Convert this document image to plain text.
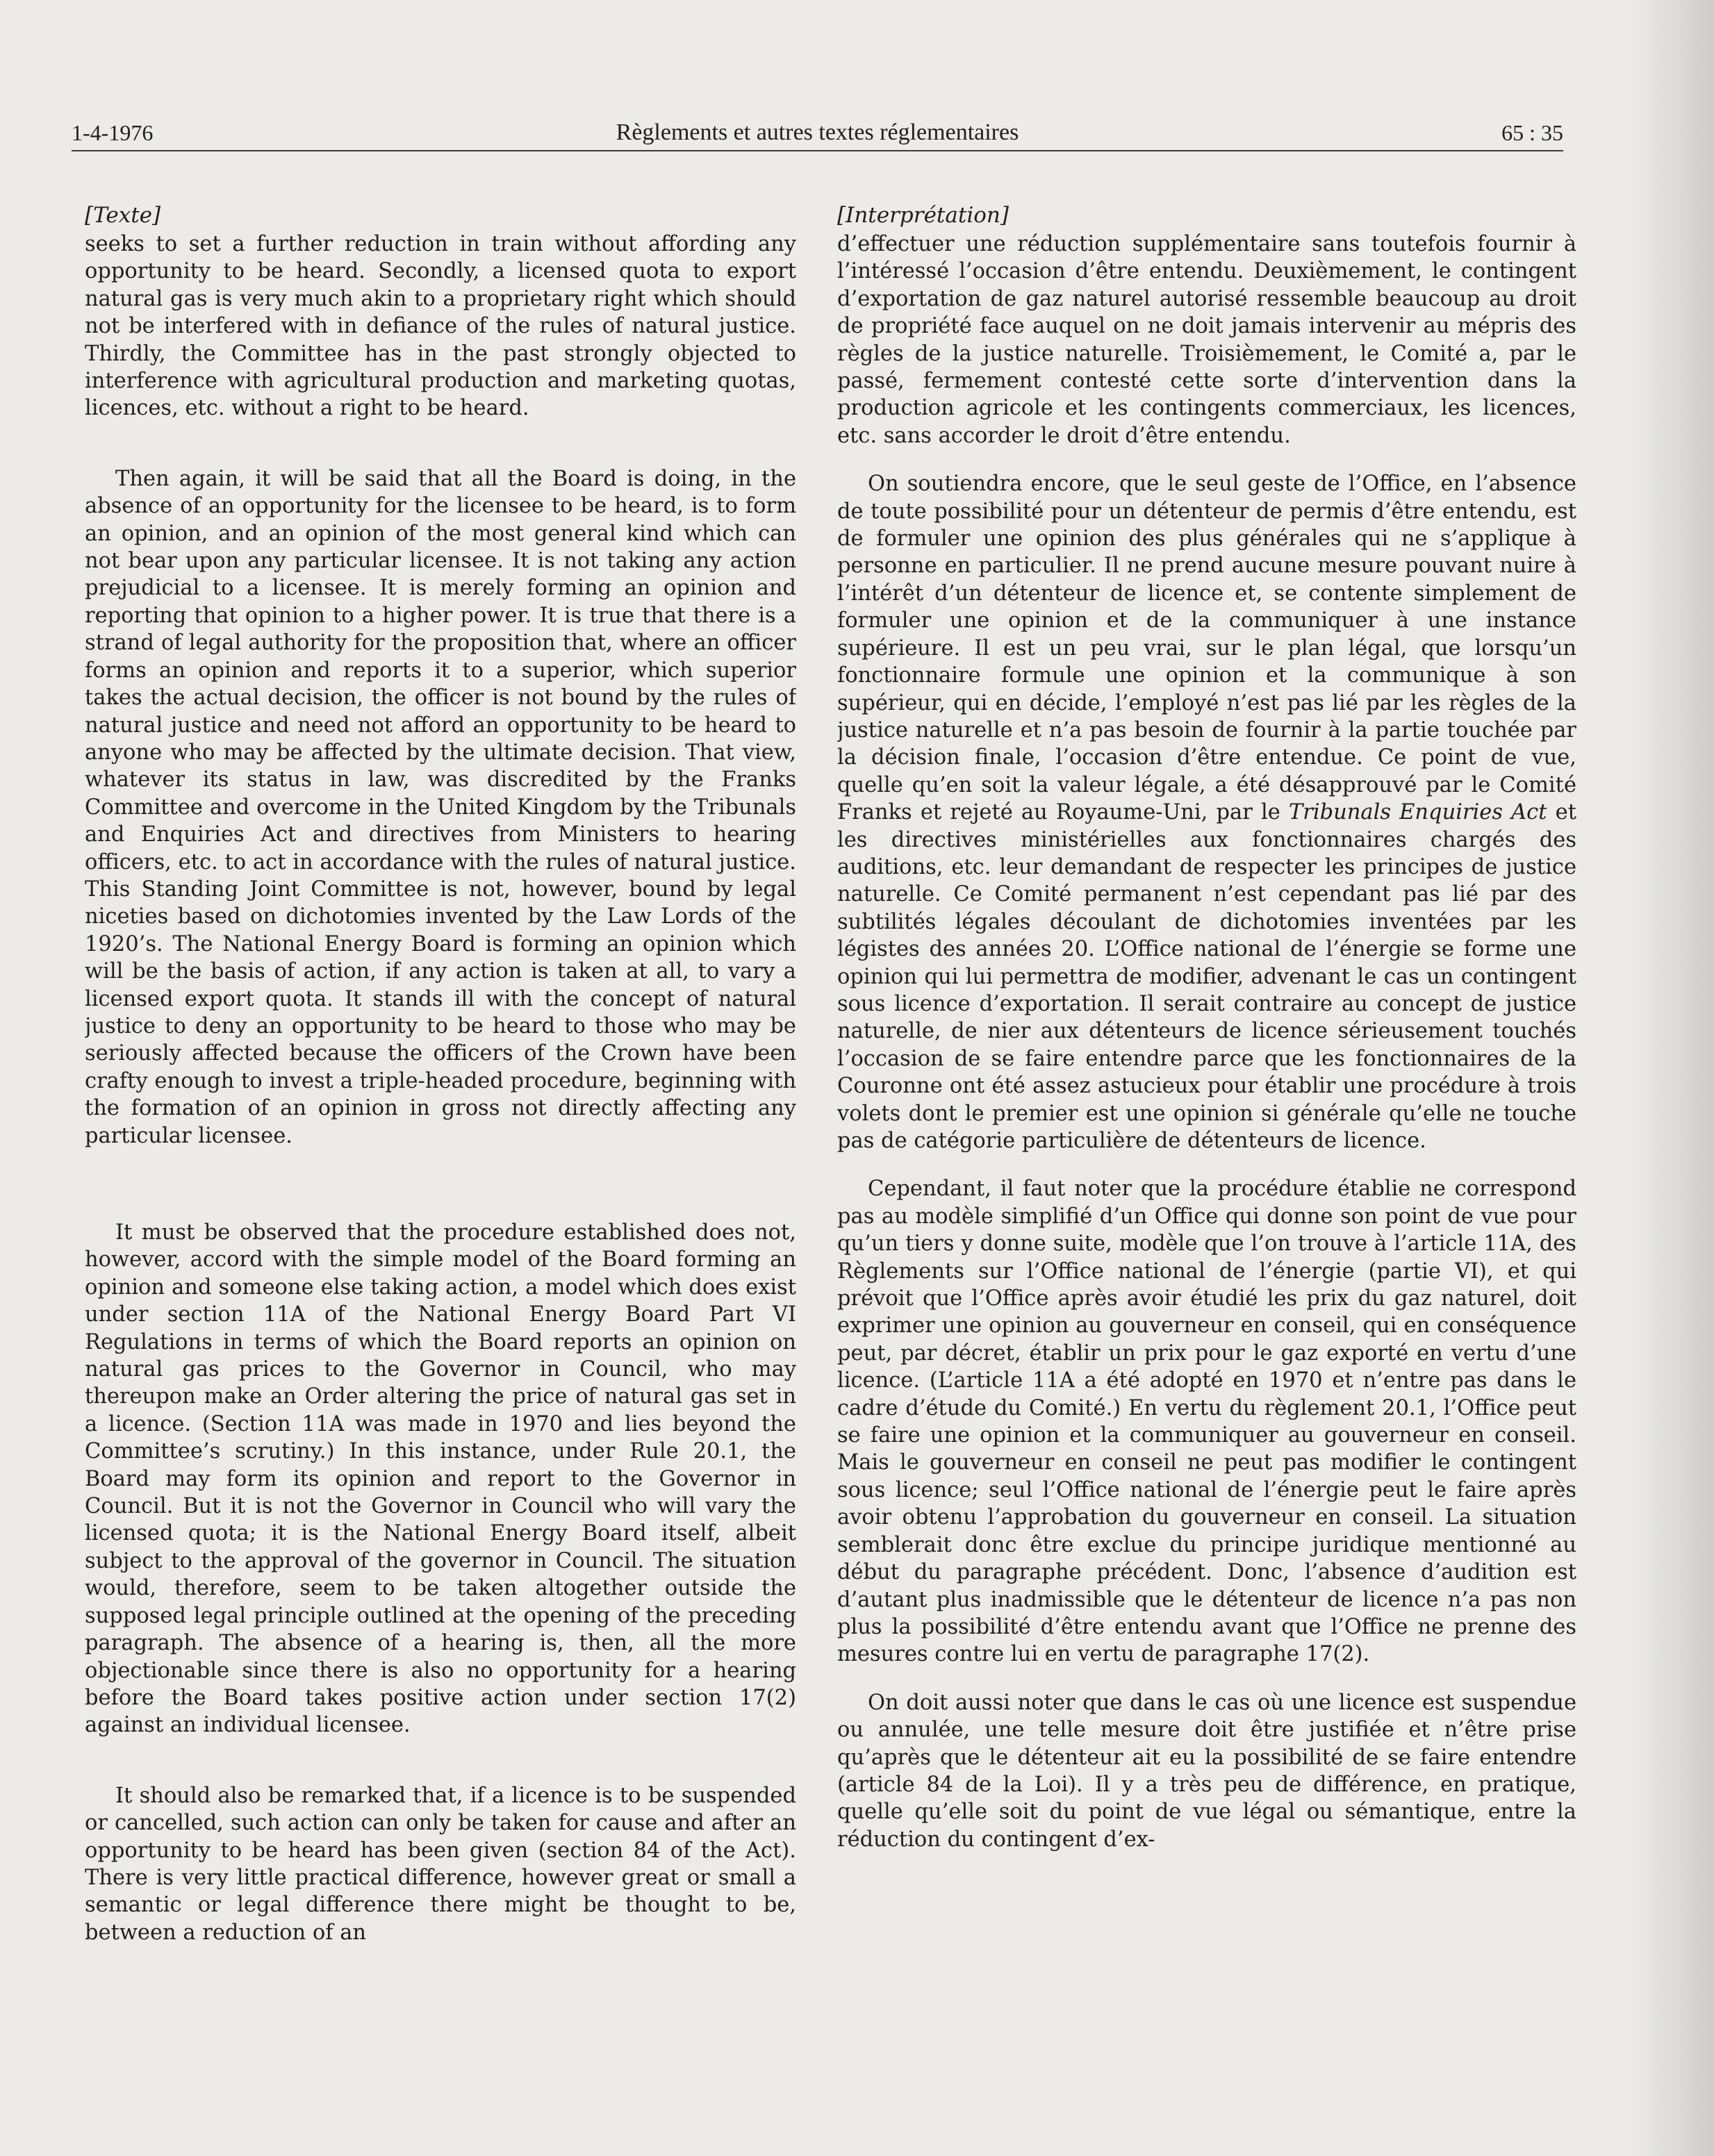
1-4-1976	Règlements et autres textes réglementaires	65 : 35

[Texte]

seeks to set a further reduction in train without affording any opportunity to be heard. Secondly, a licensed quota to export natural gas is very much akin to a proprietary right which should not be interfered with in defiance of the rules of natural justice. Thirdly, the Committee has in the past strongly objected to interference with agricultural production and marketing quotas, licences, etc. without a right to be heard.

Then again, it will be said that all the Board is doing, in the absence of an opportunity for the licensee to be heard, is to form an opinion, and an opinion of the most general kind which can not bear upon any particular licensee. It is not taking any action prejudicial to a licensee. It is merely forming an opinion and reporting that opinion to a higher power. It is true that there is a strand of legal authority for the proposition that, where an officer forms an opinion and reports it to a superior, which superior takes the actual decision, the officer is not bound by the rules of natural justice and need not afford an opportunity to be heard to anyone who may be affected by the ultimate decision. That view, whatever its status in law, was discredited by the Franks Committee and overcome in the United Kingdom by the Tribunals and Enquiries Act and directives from Ministers to hearing officers, etc. to act in accordance with the rules of natural justice. This Standing Joint Committee is not, however, bound by legal niceties based on dichotomies invented by the Law Lords of the 1920’s. The National Energy Board is forming an opinion which will be the basis of action, if any action is taken at all, to vary a licensed export quota. It stands ill with the concept of natural justice to deny an opportunity to be heard to those who may be seriously affected because the officers of the Crown have been crafty enough to invest a triple-headed procedure, beginning with the formation of an opinion in gross not directly affecting any particular licensee.

It must be observed that the procedure established does not, however, accord with the simple model of the Board forming an opinion and someone else taking action, a model which does exist under section 11A of the National Energy Board Part VI Regulations in terms of which the Board reports an opinion on natural gas prices to the Governor in Council, who may thereupon make an Order altering the price of natural gas set in a licence. (Section 11A was made in 1970 and lies beyond the Committee’s scrutiny.) In this instance, under Rule 20.1, the Board may form its opinion and report to the Governor in Council. But it is not the Governor in Council who will vary the licensed quota; it is the National Energy Board itself, albeit subject to the approval of the governor in Council. The situation would, therefore, seem to be taken altogether outside the supposed legal principle outlined at the opening of the preceding paragraph. The absence of a hearing is, then, all the more objectionable since there is also no opportunity for a hearing before the Board takes positive action under section 17(2) against an individual licensee.

It should also be remarked that, if a licence is to be suspended or cancelled, such action can only be taken for cause and after an opportunity to be heard has been given (section 84 of the Act). There is very little practical difference, however great or small a semantic or legal difference there might be thought to be, between a reduction of an

[Interprétation]

d’effectuer une réduction supplémentaire sans toutefois fournir à l’intéressé l’occasion d’être entendu. Deuxièmement, le contingent d’exportation de gaz naturel autorisé ressemble beaucoup au droit de propriété face auquel on ne doit jamais intervenir au mépris des règles de la justice naturelle. Troisièmement, le Comité a, par le passé, fermement contesté cette sorte d’intervention dans la production agricole et les contingents commerciaux, les licences, etc. sans accorder le droit d’être entendu.

On soutiendra encore, que le seul geste de l’Office, en l’absence de toute possibilité pour un détenteur de permis d’être entendu, est de formuler une opinion des plus générales qui ne s’applique à personne en particulier. Il ne prend aucune mesure pouvant nuire à l’intérêt d’un détenteur de licence et, se contente simplement de formuler une opinion et de la communiquer à une instance supérieure. Il est un peu vrai, sur le plan légal, que lorsqu’un fonctionnaire formule une opinion et la communique à son supérieur, qui en décide, l’employé n’est pas lié par les règles de la justice naturelle et n’a pas besoin de fournir à la partie touchée par la décision finale, l’occasion d’être entendue. Ce point de vue, quelle qu’en soit la valeur légale, a été désapprouvé par le Comité Franks et rejeté au Royaume-Uni, par le Tribunals Enquiries Act et les directives ministérielles aux fonctionnaires chargés des auditions, etc. leur demandant de respecter les principes de justice naturelle. Ce Comité permanent n’est cependant pas lié par des subtilités légales découlant de dichotomies inventées par les légistes des années 20. L’Office national de l’énergie se forme une opinion qui lui permettra de modifier, advenant le cas un contingent sous licence d’exportation. Il serait contraire au concept de justice naturelle, de nier aux détenteurs de licence sérieusement touchés l’occasion de se faire entendre parce que les fonctionnaires de la Couronne ont été assez astucieux pour établir une procédure à trois volets dont le premier est une opinion si générale qu’elle ne touche pas de catégorie particulière de détenteurs de licence.

Cependant, il faut noter que la procédure établie ne correspond pas au modèle simplifié d’un Office qui donne son point de vue pour qu’un tiers y donne suite, modèle que l’on trouve à l’article 11A, des Règlements sur l’Office national de l’énergie (partie VI), et qui prévoit que l’Office après avoir étudié les prix du gaz naturel, doit exprimer une opinion au gouverneur en conseil, qui en conséquence peut, par décret, établir un prix pour le gaz exporté en vertu d’une licence. (L’article 11A a été adopté en 1970 et n’entre pas dans le cadre d’étude du Comité.) En vertu du règlement 20.1, l’Office peut se faire une opinion et la communiquer au gouverneur en conseil. Mais le gouverneur en conseil ne peut pas modifier le contingent sous licence; seul l’Office national de l’énergie peut le faire après avoir obtenu l’approbation du gouverneur en conseil. La situation semblerait donc être exclue du principe juridique mentionné au début du paragraphe précédent. Donc, l’absence d’audition est d’autant plus inadmissible que le détenteur de licence n’a pas non plus la possibilité d’être entendu avant que l’Office ne prenne des mesures contre lui en vertu de paragraphe 17(2).

On doit aussi noter que dans le cas où une licence est suspendue ou annulée, une telle mesure doit être justifiée et n’être prise qu’après que le détenteur ait eu la possibilité de se faire entendre (article 84 de la Loi). Il y a très peu de différence, en pratique, quelle qu’elle soit du point de vue légal ou sémantique, entre la réduction du contingent d’ex-
